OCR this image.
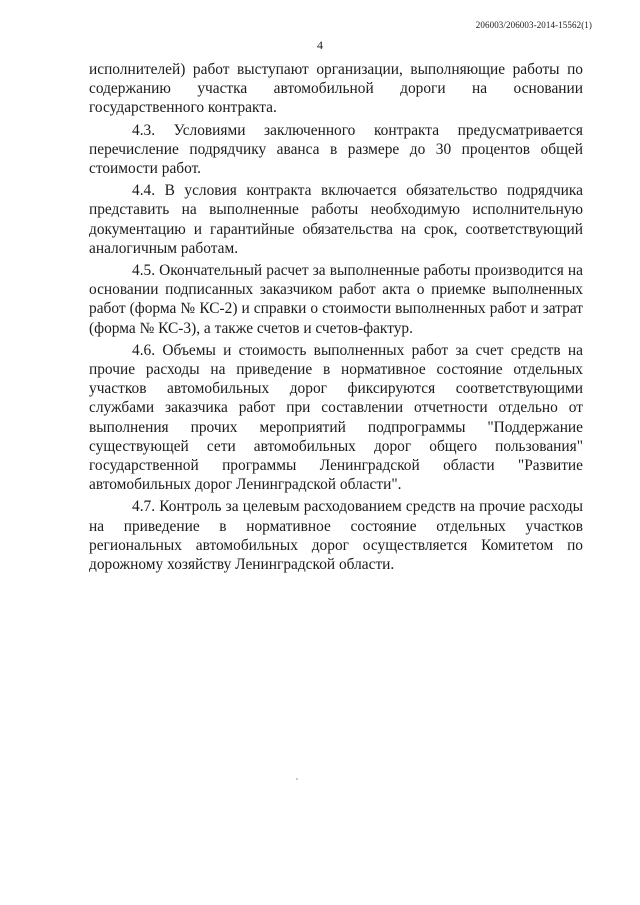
206003/206003-2014-15562(1)
4

исполнителей) работ выступают организации, выполняющие работы по содержанию участка автомобильной дороги на основании государственного контракта.

4.3. Условиями заключенного контракта предусматривается перечисление подрядчику аванса в размере до 30 процентов общей стоимости работ.

4.4. В условия контракта включается обязательство подрядчика представить на выполненные работы необходимую исполнительную документацию и гарантийные обязательства на срок, соответствующий аналогичным работам.

4.5. Окончательный расчет за выполненные работы производится на основании подписанных заказчиком работ акта о приемке выполненных работ (форма № КС-2) и справки о стоимости выполненных работ и затрат (форма № КС-3), а также счетов и счетов-фактур.

4.6. Объемы и стоимость выполненных работ за счет средств на прочие расходы на приведение в нормативное состояние отдельных участков автомобильных дорог фиксируются соответствующими службами заказчика работ при составлении отчетности отдельно от выполнения прочих мероприятий подпрограммы "Поддержание существующей сети автомобильных дорог общего пользования" государственной программы Ленинградской области "Развитие автомобильных дорог Ленинградской области".

4.7. Контроль за целевым расходованием средств на прочие расходы на приведение в нормативное состояние отдельных участков региональных автомобильных дорог осуществляется Комитетом по дорожному хозяйству Ленинградской области.
